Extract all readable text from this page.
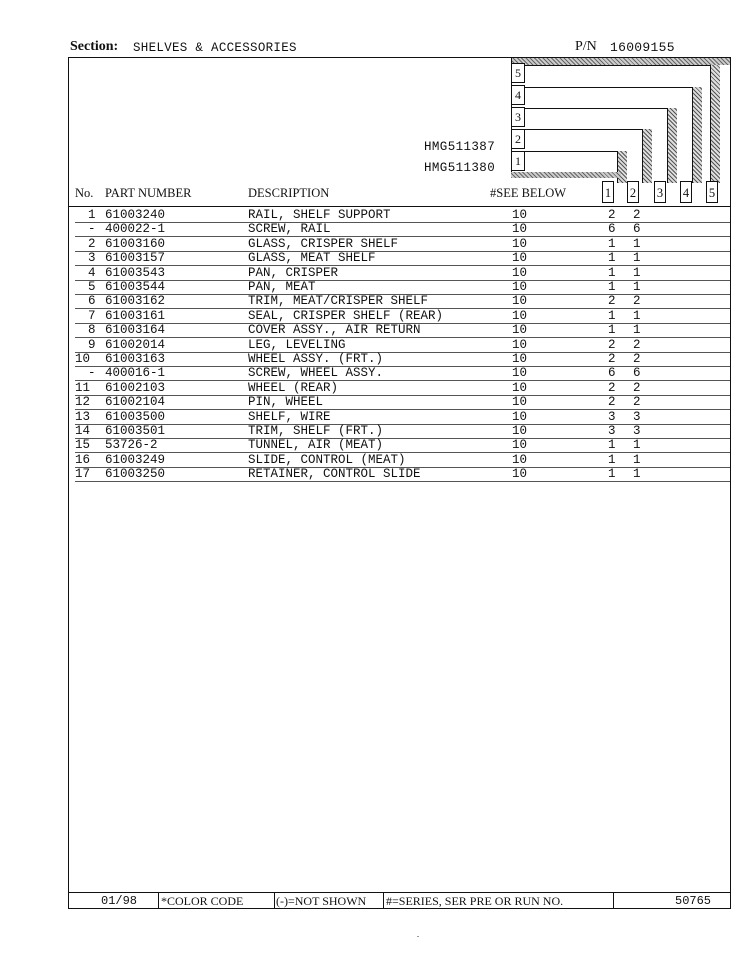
Section: SHELVES & ACCESSORIES	P/N 16009155
5
4
3
2
1
HMG511387
HMG511380
No. PART NUMBER	DESCRIPTION	#SEE BELOW	1 2 3 4 5
1 61003240	RAIL, SHELF SUPPORT	10	2 2
- 400022-1	SCREW, RAIL	10	6 6
2 61003160	GLASS, CRISPER SHELF	10	1 1
3 61003157	GLASS, MEAT SHELF	10	1 1
4 61003543	PAN, CRISPER	10	1 1
5 61003544	PAN, MEAT	10	1 1
6 61003162	TRIM, MEAT/CRISPER SHELF	10	2 2
7 61003161	SEAL, CRISPER SHELF (REAR)	10	1 1
8 61003164	COVER ASSY., AIR RETURN	10	1 1
9 61002014	LEG, LEVELING	10	2 2
10 61003163	WHEEL ASSY. (FRT.)	10	2 2
- 400016-1	SCREW, WHEEL ASSY.	10	6 6
11 61002103	WHEEL (REAR)	10	2 2
12 61002104	PIN, WHEEL	10	2 2
13 61003500	SHELF, WIRE	10	3 3
14 61003501	TRIM, SHELF (FRT.)	10	3 3
15 53726-2	TUNNEL, AIR (MEAT)	10	1 1
16 61003249	SLIDE, CONTROL (MEAT)	10	1 1
17 61003250	RETAINER, CONTROL SLIDE	10	1 1
01/98 *COLOR CODE	(-)=NOT SHOWN #=SERIES, SER PRE OR RUN NO.	50765
